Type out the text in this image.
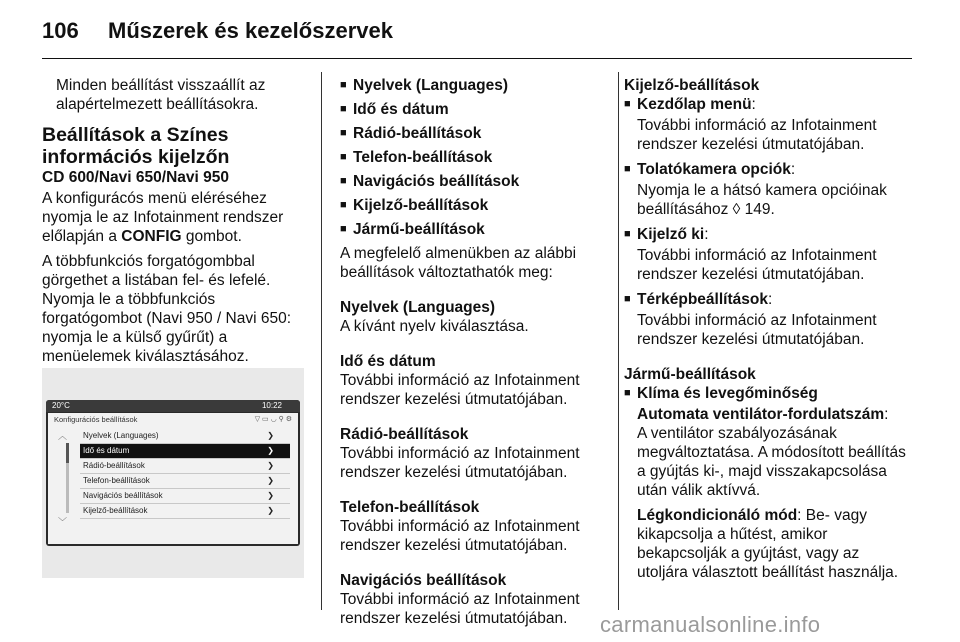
106 Műszerek és kezelőszervek

Minden beállítást visszaállít az alapértelmezett beállításokra.

Beállítások a Színes információs kijelzőn

CD 600/Navi 650/Navi 950

A konfigurácós menü eléréséhez nyomja le az Infotainment rendszer előlapján a CONFIG gombot.

A többfunkciós forgatógombbal görgethet a listában fel- és lefelé. Nyomja le a többfunkciós forgatógombot (Navi 950 / Navi 650: nyomja le a külső gyűrűt) a menüelemek kiválasztásához.

20°C	10:22
Konfigurációs beállítások	▽ ▭ ◡ ⚲ ⚙
︿
﹀
Nyelvek (Languages)	❯
Idő és dátum	❯
Rádió-beállítások	❯
Telefon-beállítások	❯
Navigációs beállítások	❯
Kijelző-beállítások	❯
■ Nyelvek (Languages)
■ Idő és dátum
■ Rádió-beállítások
■ Telefon-beállítások
■ Navigációs beállítások
■ Kijelző-beállítások
■ Jármű-beállítások

A megfelelő almenükben az alábbi beállítások változtathatók meg:

Nyelvek (Languages)

A kívánt nyelv kiválasztása.

Idő és dátum

További információ az Infotainment rendszer kezelési útmutatójában.

Rádió-beállítások

További információ az Infotainment rendszer kezelési útmutatójában.

Telefon-beállítások

További információ az Infotainment rendszer kezelési útmutatójában.

Navigációs beállítások

További információ az Infotainment rendszer kezelési útmutatójában.

Kijelző-beállítások
■ Kezdőlap menü:

További információ az Infotainment rendszer kezelési útmutatójában.

■ Tolatókamera opciók:

Nyomja le a hátsó kamera opcióinak beállításához ◊ 149.

■ Kijelző ki:

További információ az Infotainment rendszer kezelési útmutatójában.

■ Térképbeállítások:

További információ az Infotainment rendszer kezelési útmutatójában.

Jármű-beállítások
■ Klíma és levegőminőség

Automata ventilátor-fordulatszám:
A ventilátor szabályozásának megváltoztatása. A módosított beállítás a gyújtás ki-, majd visszakapcsolása után válik aktívvá.

Légkondicionáló mód: Be- vagy kikapcsolja a hűtést, amikor bekapcsolják a gyújtást, vagy az utoljára választott beállítást használja.

carmanualsonline.info
